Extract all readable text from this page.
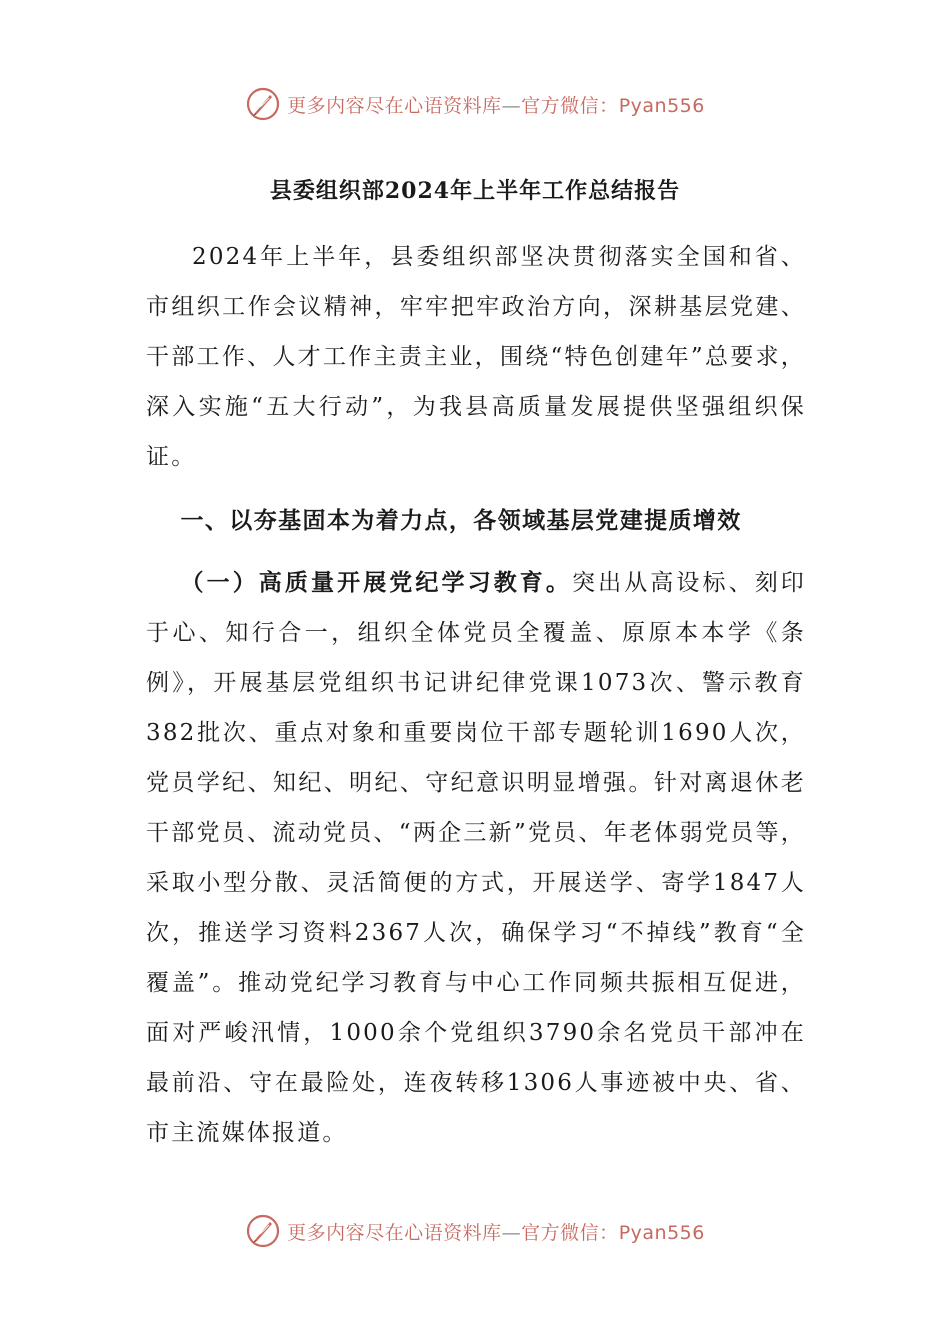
更多内容尽在心语资料库—官方微信：Pyan556
县委组织部2024年上半年工作总结报告

2024年上半年，县委组织部坚决贯彻落实全国和省、市组织工作会议精神，牢牢把牢政治方向，深耕基层党建、干部工作、人才工作主责主业，围绕“特色创建年”总要求，深入实施“五大行动”，为我县高质量发展提供坚强组织保证。

一、以夯基固本为着力点，各领域基层党建提质增效

（一）高质量开展党纪学习教育。突出从高设标、刻印于心、知行合一，组织全体党员全覆盖、原原本本学《条例》，开展基层党组织书记讲纪律党课1073次、警示教育382批次、重点对象和重要岗位干部专题轮训1690人次，党员学纪、知纪、明纪、守纪意识明显增强。针对离退休老干部党员、流动党员、“两企三新”党员、年老体弱党员等，采取小型分散、灵活简便的方式，开展送学、寄学1847人次，推送学习资料2367人次，确保学习“不掉线”教育“全覆盖”。推动党纪学习教育与中心工作同频共振相互促进，面对严峻汛情，1000余个党组织3790余名党员干部冲在最前沿、守在最险处，连夜转移1306人事迹被中央、省、市主流媒体报道。

更多内容尽在心语资料库—官方微信：Pyan556
